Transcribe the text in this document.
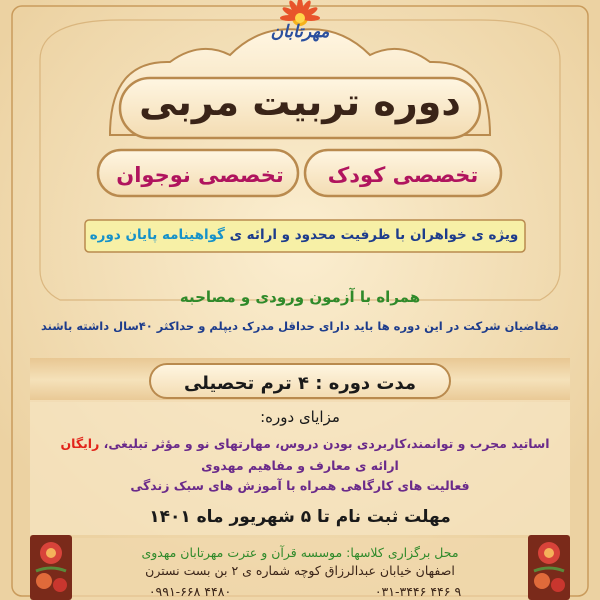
مهرتابان
دوره تربیت مربی
تخصصی کودک
تخصصی نوجوان
ویژه ی خواهران با ظرفیت محدود و ارائه ی گواهینامه پایان دوره
همراه با آزمون ورودی و مصاحبه
متقاضیان شرکت در این دوره ها باید دارای حداقل مدرک دیپلم و حداکثر ۴۰سال داشته باشند
مدت دوره : ۴ ترم تحصیلی
مزایای دوره:
اساتید مجرب و توانمند،کاربردی بودن دروس، مهارتهای نو و مؤثر تبلیغی، رایگان
ارائه ی معارف و مفاهیم مهدوی
فعالیت های کارگاهی همراه با آموزش های سبک زندگی
مهلت ثبت نام تا ۵ شهریور ماه ۱۴۰۱
محل برگزاری کلاسها: موسسه قرآن و عترت مهرتابان مهدوی
اصفهان خیابان عبدالرزاق کوچه شماره ی ۲ بن بست نسترن
۰۳۱-۳۴۴۶ ۴۴۶ ۹
۰۹۹۱-۶۶۸ ۴۴۸۰
